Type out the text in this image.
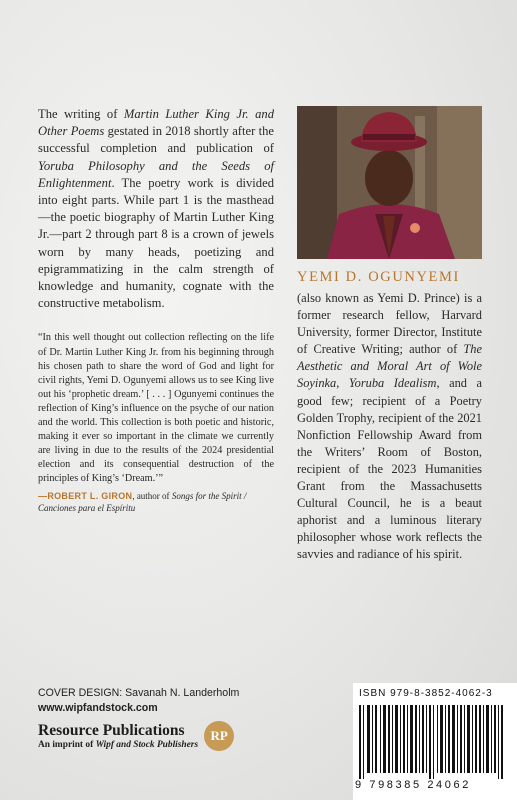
The writing of Martin Luther King Jr. and Other Poems gestated in 2018 shortly after the successful completion and publication of Yoruba Philosophy and the Seeds of Enlightenment. The poetry work is divided into eight parts. While part 1 is the masthead—the poetic biography of Martin Luther King Jr.—part 2 through part 8 is a crown of jewels worn by many heads, poetizing and epigrammatizing in the calm strength of knowledge and humanity, cognate with the constructive metabolism.

“In this well thought out collection reflecting on the life of Dr. Martin Luther King Jr. from his beginning through his chosen path to share the word of God and light for civil rights, Yemi D. Ogunyemi allows us to see King live out his ‘prophetic dream.’ [ . . . ] Ogunyemi continues the reflection of King’s influence on the psyche of our nation and the world. This collection is both poetic and historic, making it ever so important in the climate we currently are living in due to the results of the 2024 presidential election and its consequential destruction of the principles of King’s ‘Dream.’”
—ROBERT L. GIRON, author of Songs for the Spirit / Canciones para el Espíritu
YEMI D. OGUNYEMI
(also known as Yemi D. Prince) is a former research fellow, Harvard University, former Director, Institute of Creative Writing; author of The Aesthetic and Moral Art of Wole Soyinka, Yoruba Idealism, and a good few; recipient of a Poetry Golden Trophy, recipient of the 2021 Nonfiction Fellowship Award from the Writers’ Room of Boston, recipient of the 2023 Humanities Grant from the Massachusetts Cultural Council, he is a beaut aphorist and a luminous literary philosopher whose work reflects the savvies and radiance of his spirit.
COVER DESIGN: Savanah N. Landerholm
www.wipfandstock.com
Resource Publications
An imprint of Wipf and Stock Publishers
RP
ISBN 979-8-3852-4062-3
9 798385 24062
